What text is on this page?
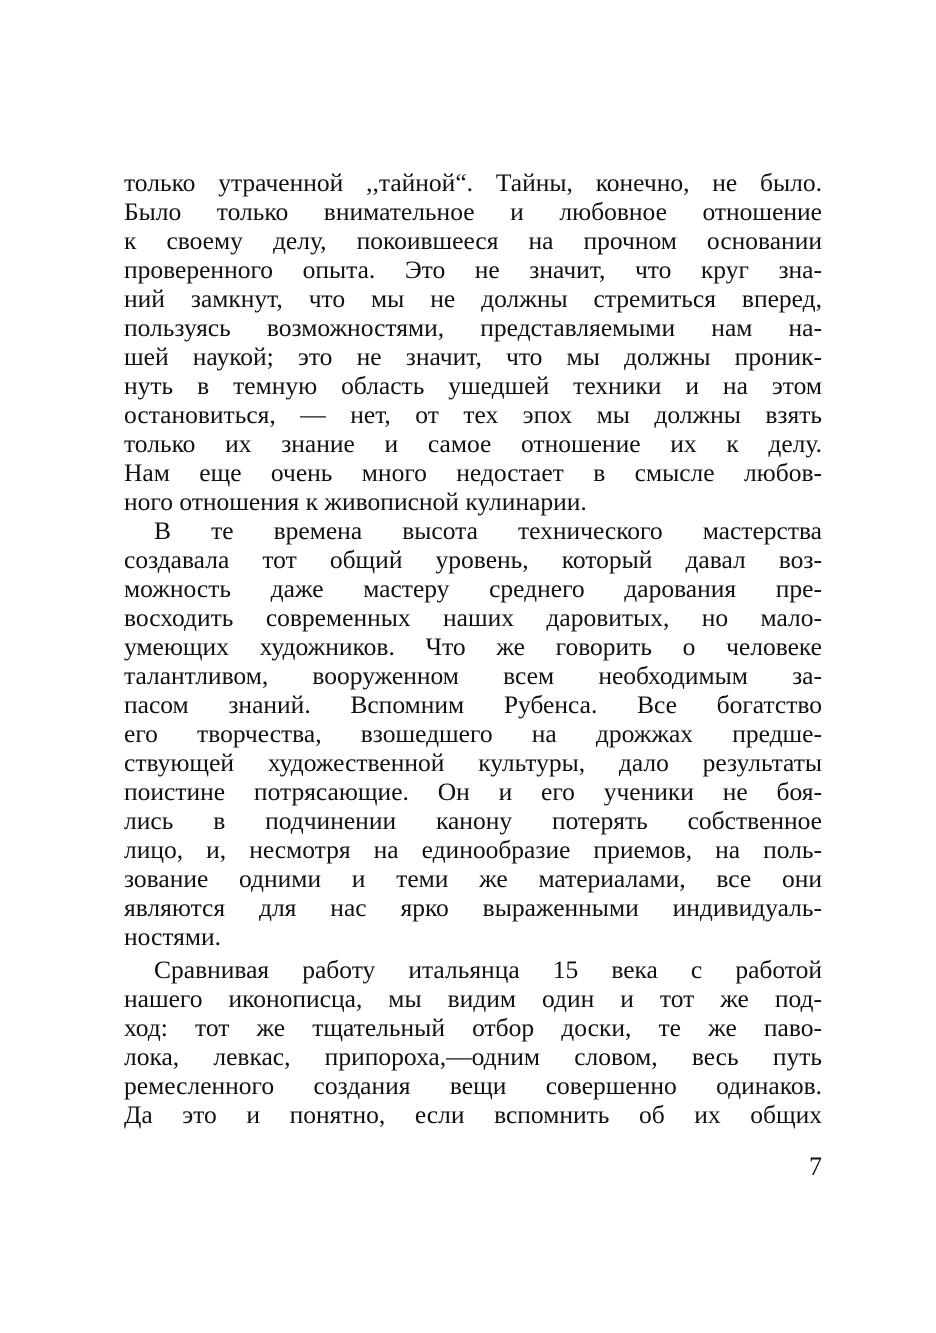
только утраченной ,,тайной“. Тайны, конечно, не было.
Было только внимательное и любовное отношение
к своему делу, покоившееся на прочном основании
проверенного опыта. Это не значит, что круг зна-
ний замкнут, что мы не должны стремиться вперед,
пользуясь возможностями, представляемыми нам на-
шей наукой; это не значит, что мы должны проник-
нуть в темную область ушедшей техники и на этом
остановиться, — нет, от тех эпох мы должны взять
только их знание и самое отношение их к делу.
Нам еще очень много недостает в смысле любов-
ного отношения к живописной кулинарии.
В те времена высота технического мастерства
создавала тот общий уровень, который давал воз-
можность даже мастеру среднего дарования пре-
восходить современных наших даровитых, но мало-
умеющих художников. Что же говорить о человеке
талантливом, вооруженном всем необходимым за-
пасом знаний. Вспомним Рубенса. Все богатство
его творчества, взошедшего на дрожжах предше-
ствующей художественной культуры, дало результаты
поистине потрясающие. Он и его ученики не боя-
лись в подчинении канону потерять собственное
лицо, и, несмотря на единообразие приемов, на поль-
зование одними и теми же материалами, все они
являются для нас ярко выраженными индивидуаль-
ностями.
Сравнивая работу итальянца 15 века с работой
нашего иконописца, мы видим один и тот же под-
ход: тот же тщательный отбор доски, те же паво-
лока, левкас, припороха,—одним словом, весь путь
ремесленного создания вещи совершенно одинаков.
Да это и понятно, если вспомнить об их общих
7
